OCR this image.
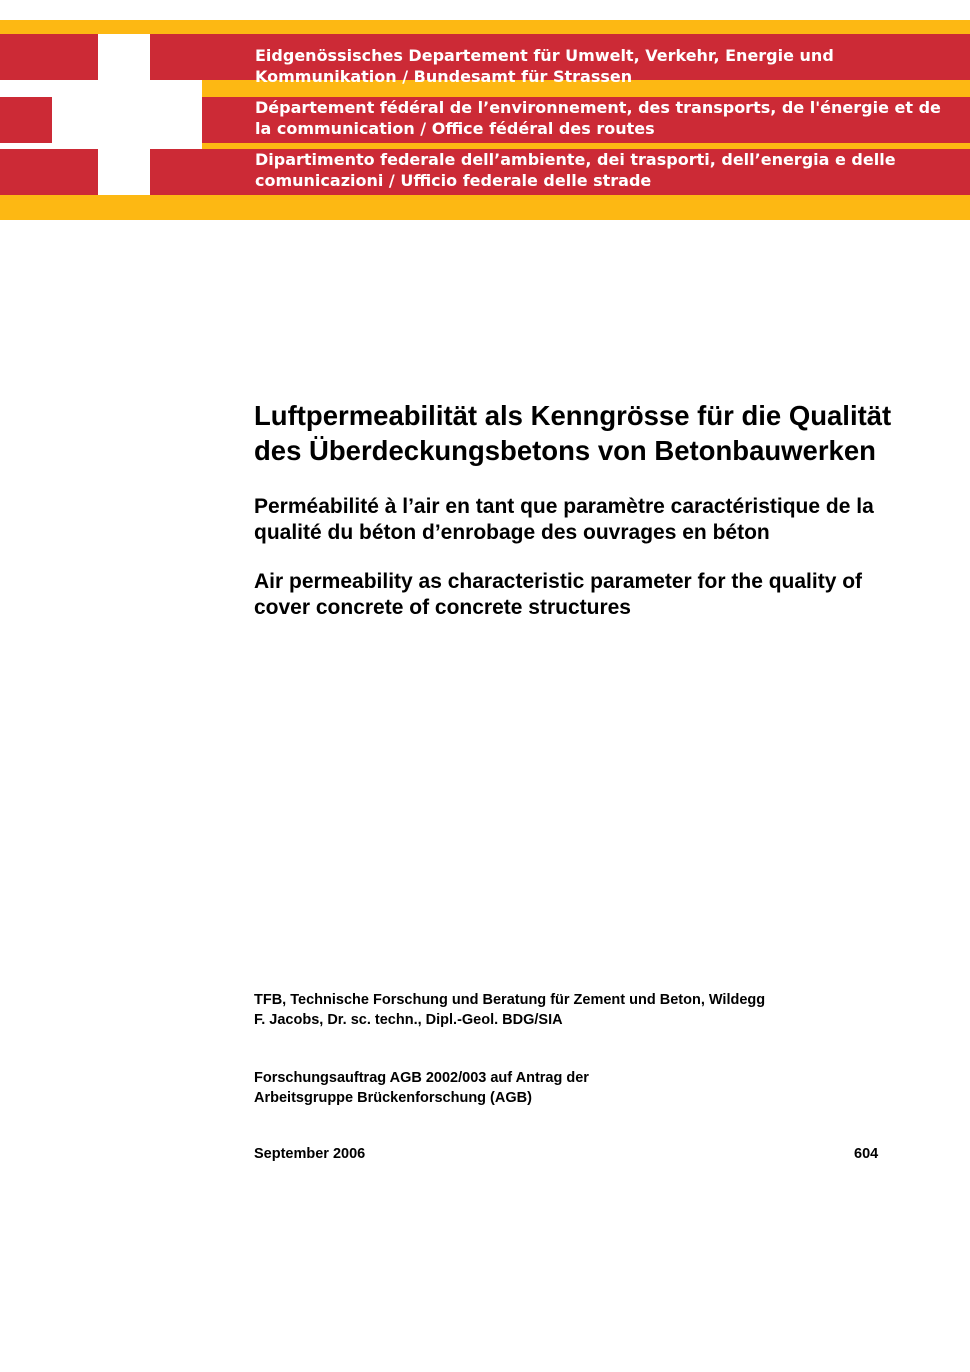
Eidgenössisches Departement für Umwelt, Verkehr, Energie und
Kommunikation / Bundesamt für Strassen
Département fédéral de l’environnement, des transports, de l'énergie et de
la communication / Office fédéral des routes
Dipartimento federale dell’ambiente, dei trasporti, dell’energia e delle
comunicazioni / Ufficio federale delle strade
Luftpermeabilität als Kenngrösse für die Qualität
des Überdeckungsbetons von Betonbauwerken
Perméabilité à l’air en tant que paramètre caractéristique de la
qualité du béton d’enrobage des ouvrages en béton
Air permeability as characteristic parameter for the quality of
cover concrete of concrete structures
TFB, Technische Forschung und Beratung für Zement und Beton, Wildegg
F. Jacobs, Dr. sc. techn., Dipl.-Geol. BDG/SIA
Forschungsauftrag AGB 2002/003 auf Antrag der
Arbeitsgruppe Brückenforschung (AGB)
September 2006	604
